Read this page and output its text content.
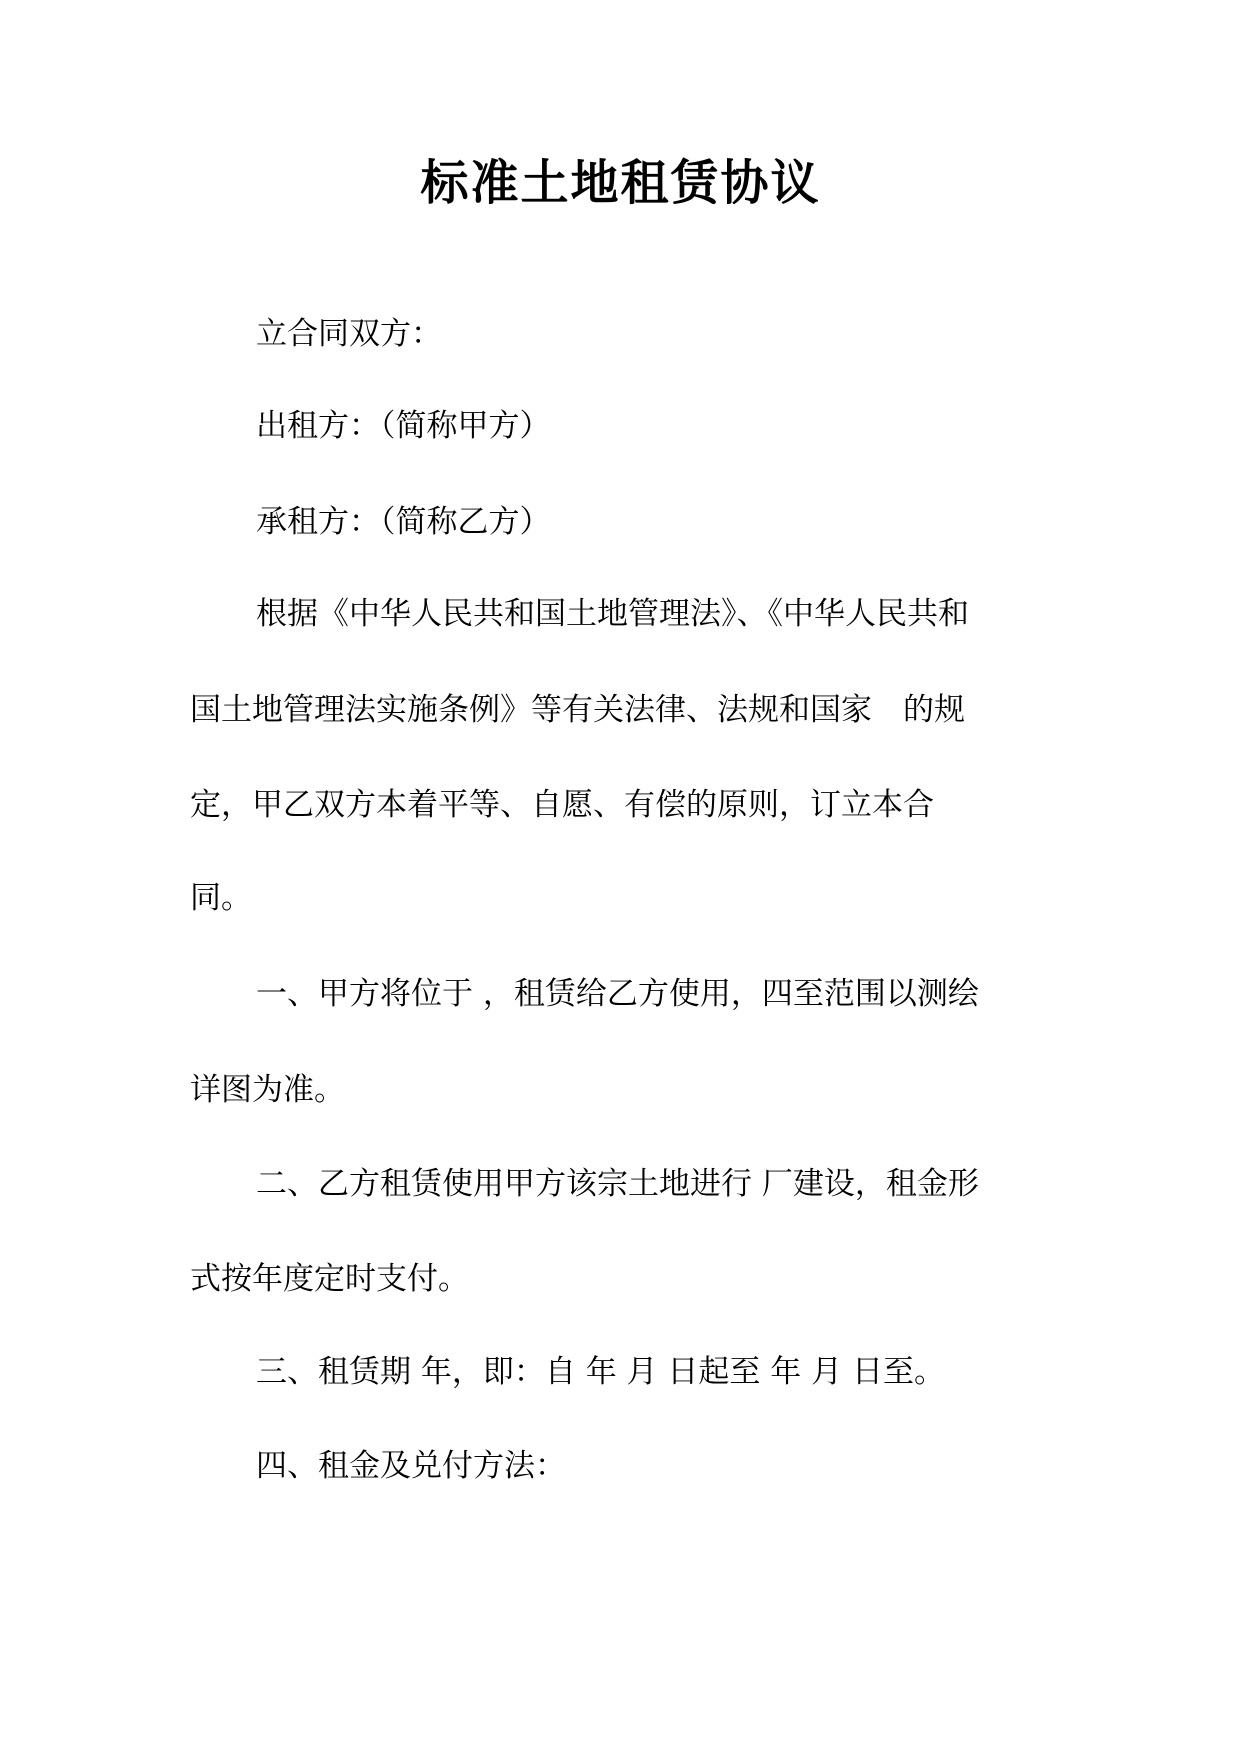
标准土地租赁协议
立合同双方：
出租方：（简称甲方）
承租方：（简称乙方）
根据《中华人民共和国土地管理法》、《中华人民共和
国土地管理法实施条例》等有关法律、法规和国家　的规
定，甲乙双方本着平等、自愿、有偿的原则，订立本合
同。
一、甲方将位于 ，租赁给乙方使用，四至范围以测绘
详图为准。
二、乙方租赁使用甲方该宗土地进行 厂建设，租金形
式按年度定时支付。
三、租赁期 年，即：自 年 月 日起至 年 月 日至。
四、租金及兑付方法：
